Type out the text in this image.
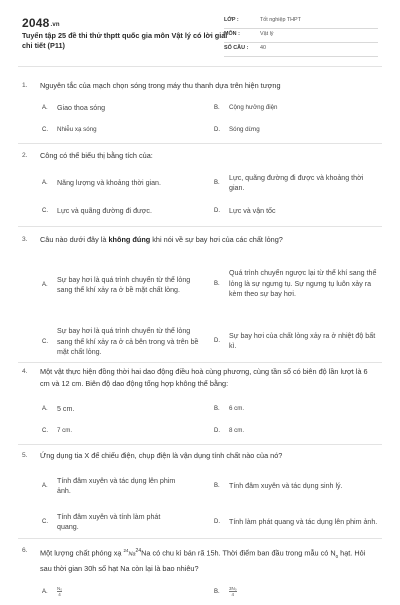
2048.vn
Tuyển tập 25 đề thi thử thptt quốc gia môn Vật lý có lời giải chi tiết (P11)
LỚP :	Tốt nghiệp THPT
MÔN :	Vật lý
SỐ CÂU : 40
1. Nguyên tắc của mạch chọn sóng trong máy thu thanh dựa trên hiện tượng
A.	Giao thoa sóng	B.	Cộng hưởng điện
C.	Nhiễu xạ sóng	D.	Sóng dừng
2. Công có thể biểu thị bằng tích của:
A.	Năng lượng và khoảng thời gian.	B.
Lực, quãng đường đi được và khoảng thời gian.
C.	Lực và quãng đường đi được.	D.	Lực và vận tốc
3. Câu nào dưới đây là không đúng khi nói về sự bay hơi của các chất lỏng?
A.
Sự bay hơi là quá trình chuyển từ thể lỏng sang thể khí xảy ra ở bề mặt chất lỏng.
B.
Quá trình chuyển ngược lại từ thể khí sang thể lỏng là sự ngưng tụ. Sự ngưng tụ luôn xảy ra kèm theo sự bay hơi.
C.
Sự bay hơi là quá trình chuyển từ thể lỏng sang thể khí xảy ra ở cả bên trong và trên bề mặt chất lỏng.
D.
Sự bay hơi của chất lỏng xảy ra ở nhiệt độ bất kì.
4. Một vật thực hiện đồng thời hai dao động điều hoà cùng phương, cùng tần số có biên độ lần lượt là 6 cm và 12 cm. Biên độ dao động tổng hợp không thể bằng:
A.	5 cm.	B.	6 cm.
C.	7 cm.	D.	8 cm.
5. Ứng dụng tia X để chiếu điện, chụp điện là vận dụng tính chất nào của nó?
A.
Tính đâm xuyên và tác dụng lên phim ảnh.
B.	Tính đâm xuyên và tác dụng sinh lý.
C.
Tính đâm xuyên và tính làm phát quang.
D.	Tính làm phát quang và tác dụng lên phim ảnh.
6. Một lượng chất phóng xạ $^{24}$Na$^{24}$Na có chu kì bán rã 15h. Thời điểm ban đầu trong mẫu có $N_0$ hạt. Hỏi sau thời gian 30h số hạt Na còn lại là bao nhiêu?
A.	N₀
4	B.	3N₀
4
